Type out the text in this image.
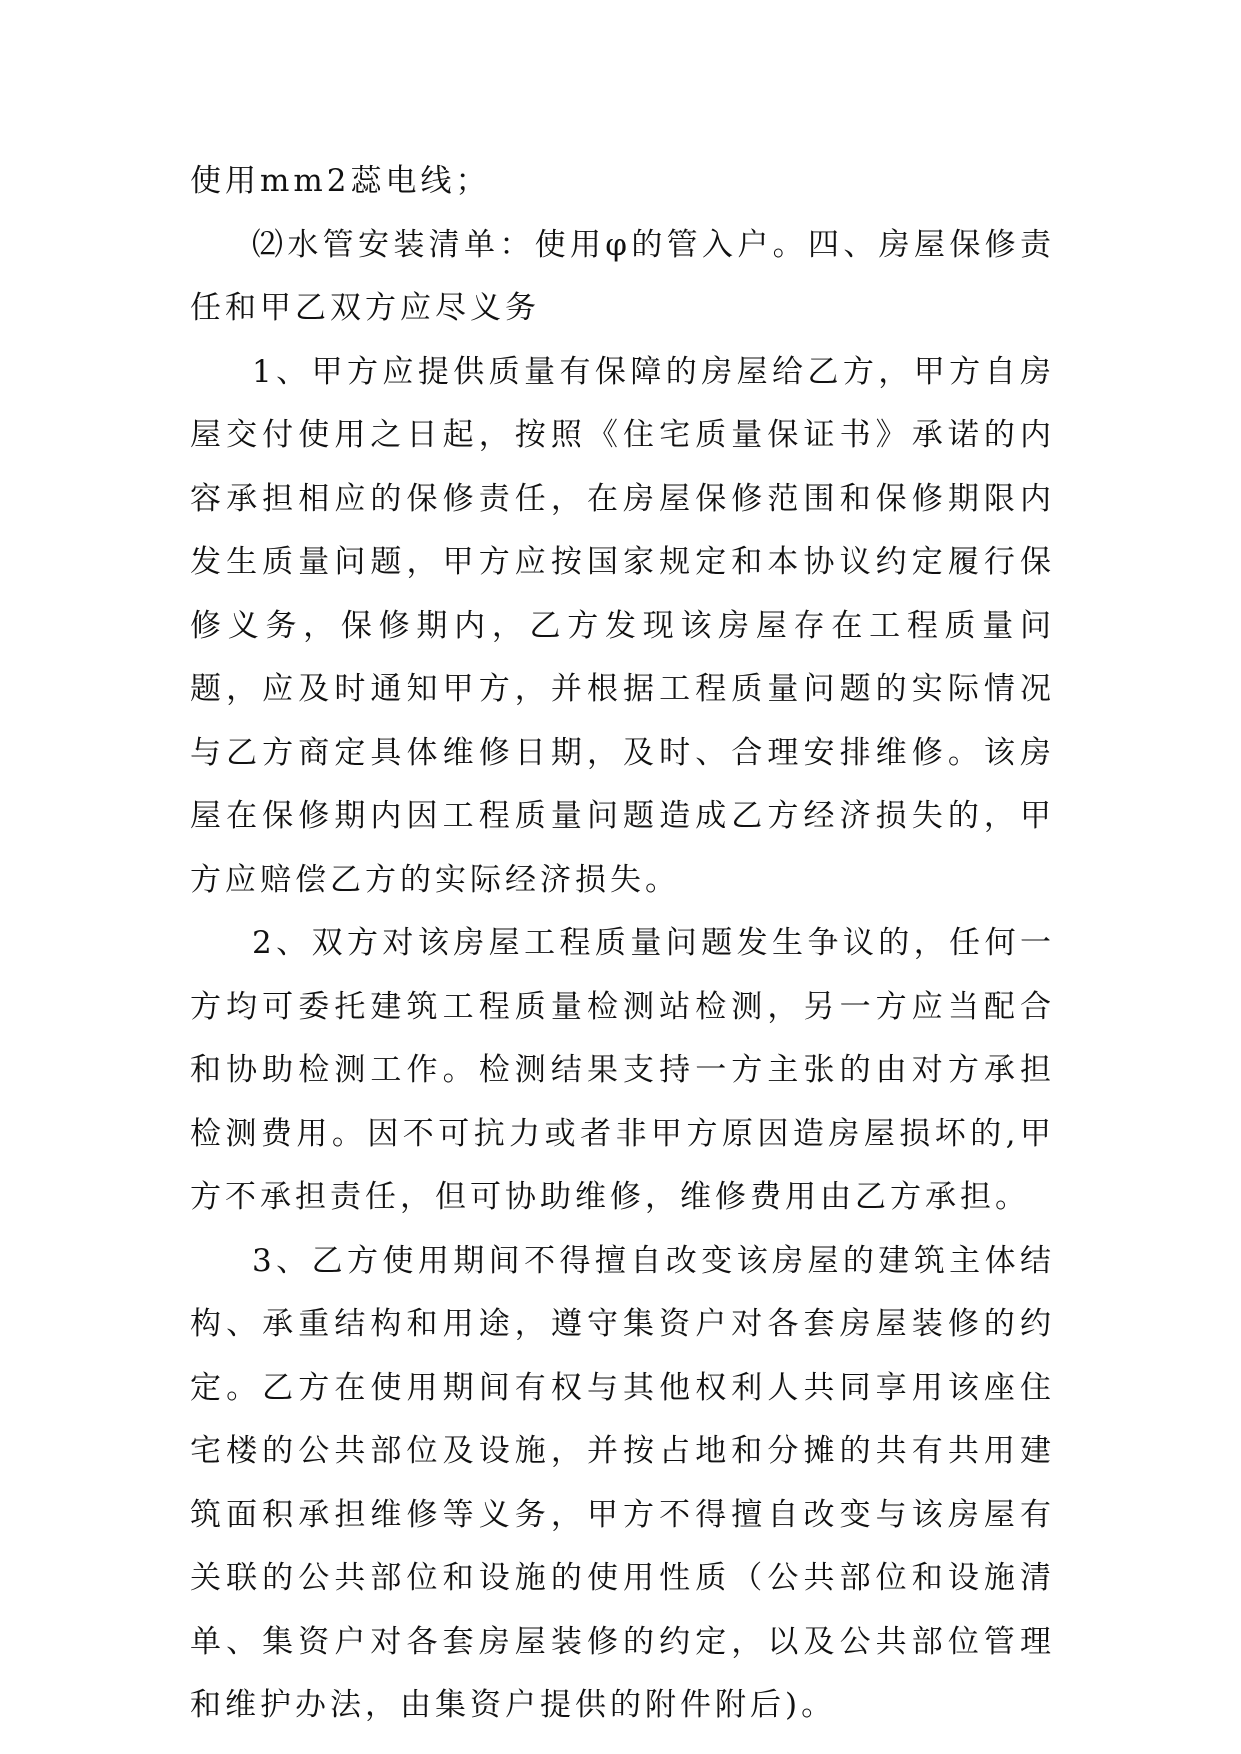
使用mm2蕊电线；

⑵水管安装清单：使用φ的管入户。四、房屋保修责任和甲乙双方应尽义务

1、甲方应提供质量有保障的房屋给乙方，甲方自房屋交付使用之日起，按照《住宅质量保证书》承诺的内容承担相应的保修责任，在房屋保修范围和保修期限内发生质量问题，甲方应按国家规定和本协议约定履行保修义务，保修期内，乙方发现该房屋存在工程质量问题，应及时通知甲方，并根据工程质量问题的实际情况与乙方商定具体维修日期，及时、合理安排维修。该房屋在保修期内因工程质量问题造成乙方经济损失的，甲方应赔偿乙方的实际经济损失。

2、双方对该房屋工程质量问题发生争议的，任何一方均可委托建筑工程质量检测站检测，另一方应当配合和协助检测工作。检测结果支持一方主张的由对方承担检测费用。因不可抗力或者非甲方原因造房屋损坏的,甲方不承担责任，但可协助维修，维修费用由乙方承担。

3、乙方使用期间不得擅自改变该房屋的建筑主体结构、承重结构和用途，遵守集资户对各套房屋装修的约定。乙方在使用期间有权与其他权利人共同享用该座住宅楼的公共部位及设施，并按占地和分摊的共有共用建筑面积承担维修等义务，甲方不得擅自改变与该房屋有关联的公共部位和设施的使用性质（公共部位和设施清单、集资户对各套房屋装修的约定，以及公共部位管理和维护办法，由集资户提供的附件附后)。
